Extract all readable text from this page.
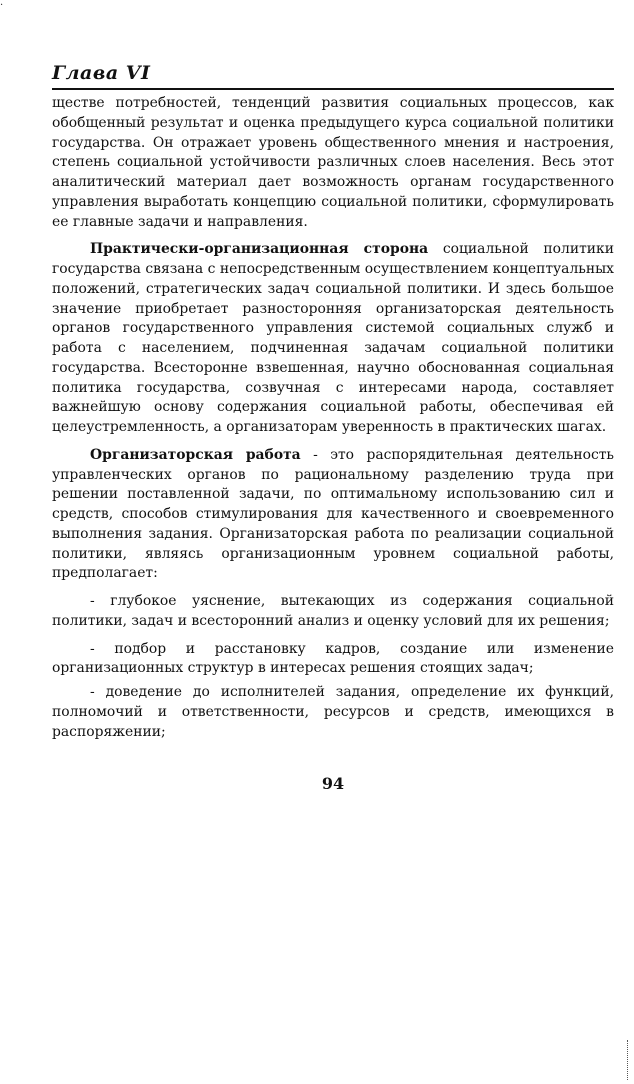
·
Глава VI

ществе потребностей, тенденций развития социальных процессов, как обобщенный результат и оценка предыдущего курса социальной политики государства. Он отражает уровень общественного мнения и настроения, степень социальной устойчивости различных слоев населения. Весь этот аналитический материал дает возможность органам государственного управления выработать концепцию социальной политики, сформулировать ее главные задачи и направления.

Практически-организационная сторона социальной политики государства связана с непосредственным осуществлением концептуальных положений, стратегических задач социальной политики. И здесь большое значение приобретает разносторонняя организаторская деятельность органов государственного управления системой социальных служб и работа с населением, подчиненная задачам социальной политики государства. Всесторонне взвешенная, научно обоснованная социальная политика государства, созвучная с интересами народа, составляет важнейшую основу содержания социальной работы, обеспечивая ей целеустремленность, а организаторам уверенность в практических шагах.

Организаторская работа - это распорядительная деятельность управленческих органов по рациональному разделению труда при решении поставленной задачи, по оптимальному использованию сил и средств, способов стимулирования для качественного и своевременного выполнения задания. Организаторская работа по реализации социальной политики, являясь организационным уровнем социальной работы, предполагает:

- глубокое уяснение, вытекающих из содержания социальной политики, задач и всесторонний анализ и оценку условий для их решения;

- подбор и расстановку кадров, создание или изменение организационных структур в интересах решения стоящих задач;

- доведение до исполнителей задания, определение их функций, полномочий и ответственности, ресурсов и средств, имеющихся в распоряжении;

94
